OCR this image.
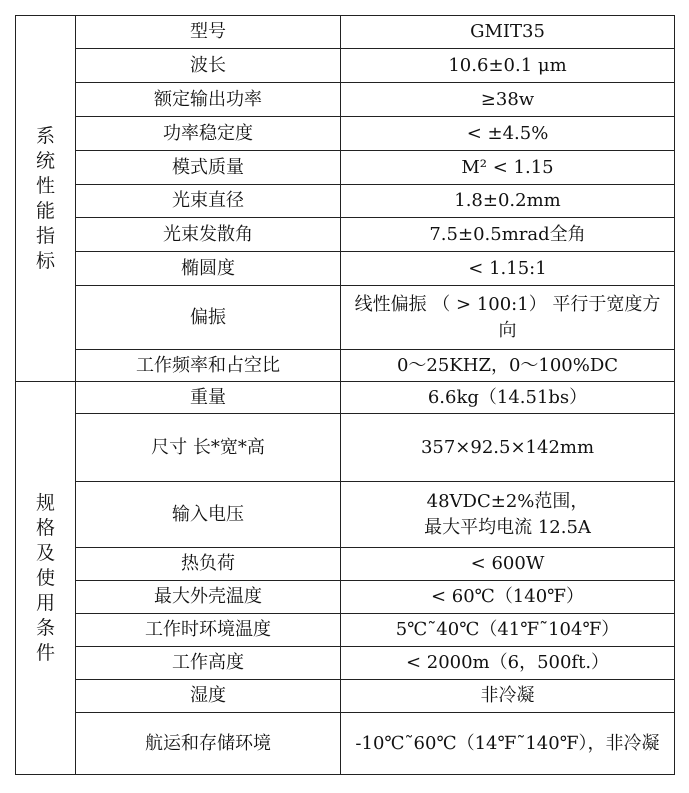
系统性能指标	型号	GMIT35
	波长	10.6±0.1 μm
	额定输出功率	≥38w
	功率稳定度	< ±4.5%
	模式质量	M² < 1.15
	光束直径	1.8±0.2mm
	光束发散角	7.5±0.5mrad全角
	椭圆度	< 1.15:1
	偏振	线性偏振 （ > 100:1） 平行于宽度方向
	工作频率和占空比	0～25KHZ，0～100%DC
规格及使用条件	重量	6.6kg（14.51bs）
	尺寸 长*宽*高	357×92.5×142mm
	输入电压	48VDC±2%范围，
最大平均电流 12.5A
	热负荷	< 600W
	最大外壳温度	< 60℃（140℉）
	工作时环境温度	5℃˜40℃（41℉˜104℉）
	工作高度	< 2000m（6，500ft.）
	湿度	非冷凝
	航运和存储环境	-10℃˜60℃（14℉˜140℉），非冷凝
